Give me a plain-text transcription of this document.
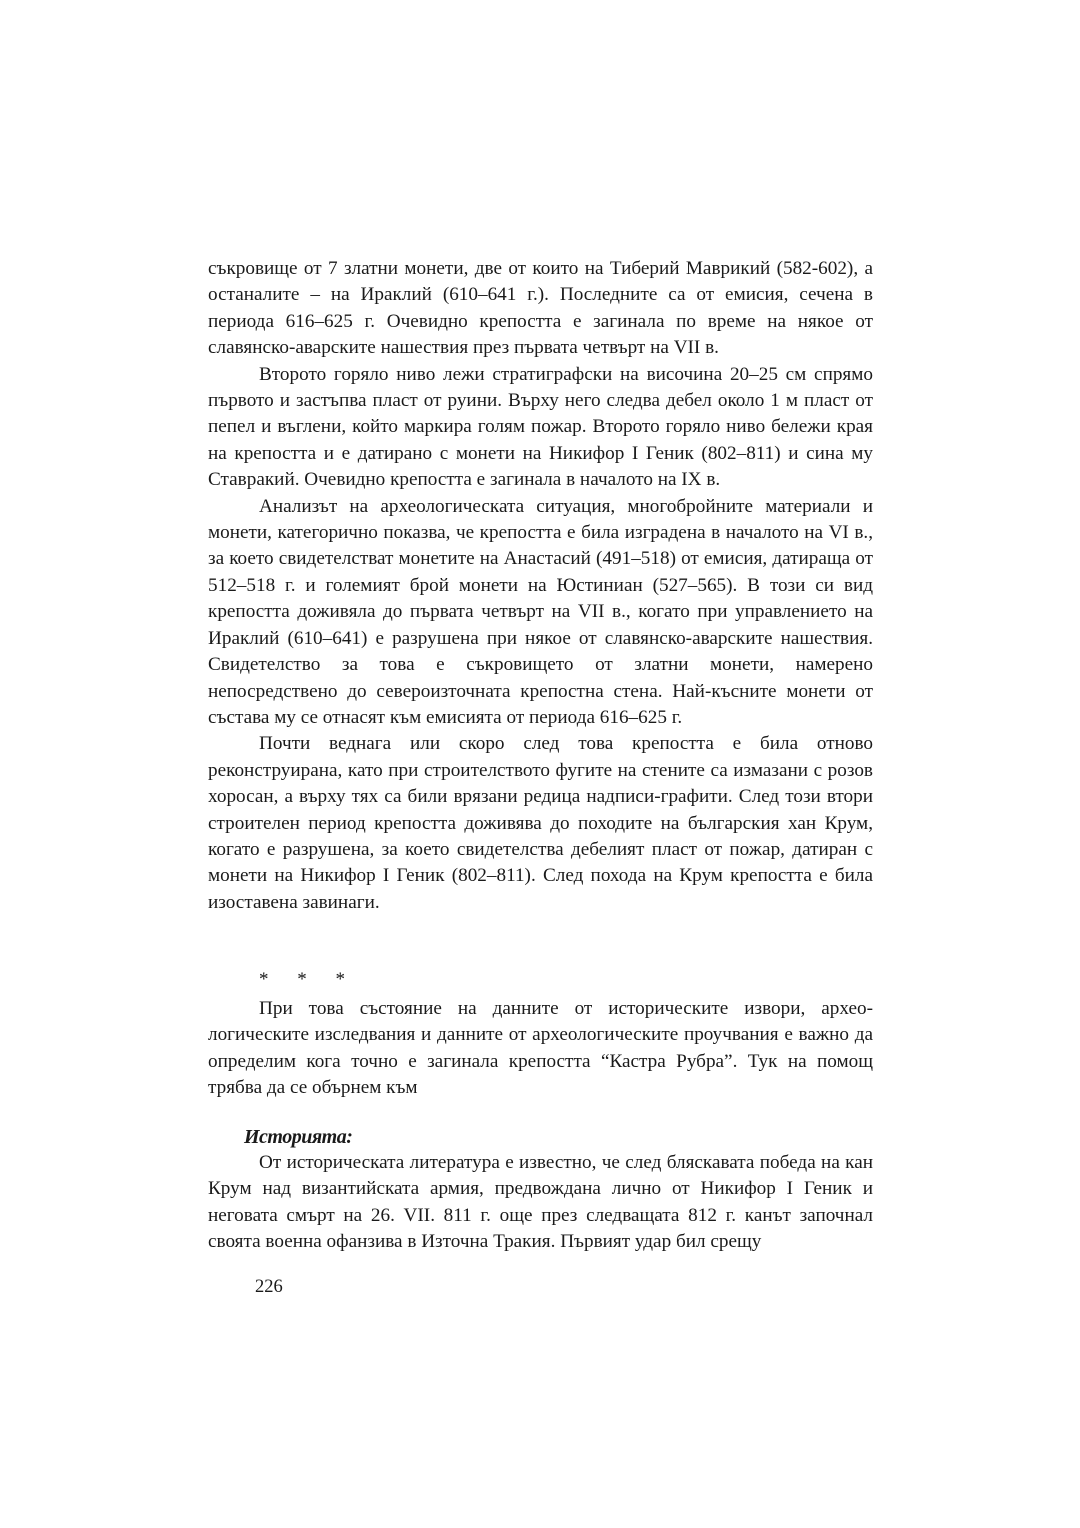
съкровище от 7 златни монети, две от които на Тиберий Маврикий (582-602), а останалите – на Ираклий (610–641 г.). Последните са от емисия, сечена в периода 616–625 г. Очевидно крепостта е загинала по време на някое от славянско-аварските нашествия през първата четвърт на VII в.

Второто горяло ниво лежи стратиграфски на височина 20–25 см спрямо първото и застъпва пласт от руини. Върху него следва дебел около 1 м пласт от пепел и въглени, който маркира голям пожар. Второто горяло ниво бележи края на крепостта и е датирано с монети на Никифор I Геник (802–811) и сина му Ставракий. Очевидно крепостта е загинала в началото на IX в.

Анализът на археологическата ситуация, многобройните материали и монети, категорично показва, че крепостта е била изградена в началото на VI в., за което свидетелстват монетите на Анастасий (491–518) от емисия, датираща от 512–518 г. и големият брой монети на Юстиниан (527–565). В този си вид крепостта доживяла до първата четвърт на VII в., когато при управлението на Ираклий (610–641) е разрушена при някое от славянско-аварските нашествия. Свидетелство за това е съкровището от златни монети, намерено непосредствено до североизточната крепостна стена. Най-късните монети от състава му се отнасят към емисията от периода 616–625 г.

Почти веднага или скоро след това крепостта е била отново реконструирана, като при строителството фугите на стените са измазани с розов хоросан, а върху тях са били врязани редица надписи-графити. След този втори строителен период крепостта доживява до походите на българския хан Крум, когато е разрушена, за което свидетелства дебелият пласт от пожар, датиран с монети на Никифор I Геник (802–811). След похода на Крум крепостта е била изоставена завинаги.

* * *

При това състояние на данните от историческите извори, архео-логическите изследвания и данните от археологическите проучвания е важно да определим кога точно е загинала крепостта “Кастра Рубра”. Тук на помощ трябва да се обърнем към

Историята:

От историческата литература е известно, че след бляскавата победа на кан Крум над византийската армия, предвождана лично от Никифор I Геник и неговата смърт на 26. VII. 811 г. още през следващата 812 г. канът започнал своята военна офанзива в Източна Тракия. Първият удар бил срещу

226
